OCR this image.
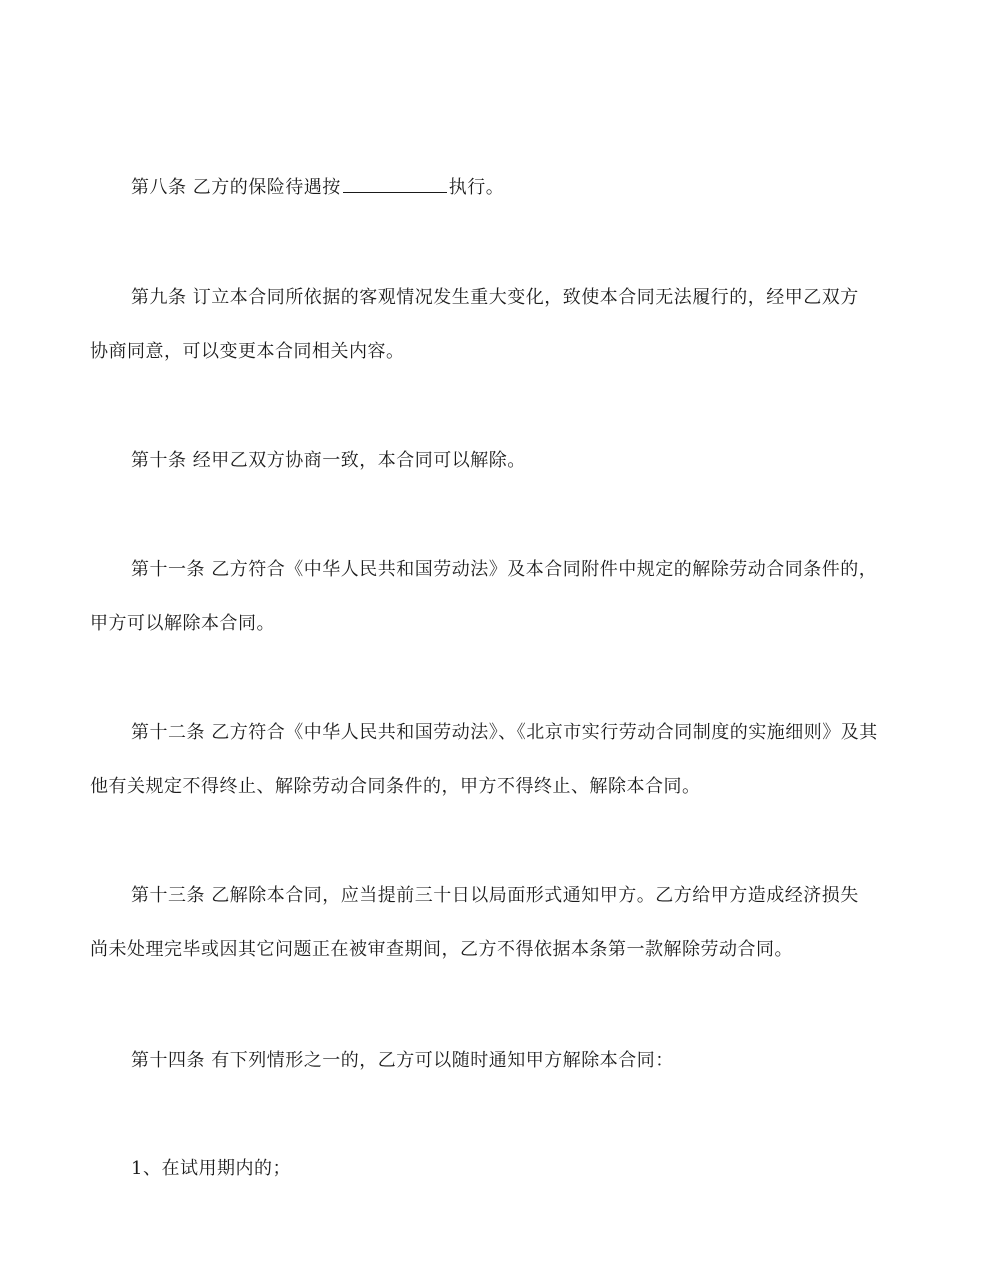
第八条 乙方的保险待遇按	执行。
第九条 订立本合同所依据的客观情况发生重大变化，致使本合同无法履行的，经甲乙双方
协商同意，可以变更本合同相关内容。
第十条 经甲乙双方协商一致，本合同可以解除。
第十一条 乙方符合《中华人民共和国劳动法》及本合同附件中规定的解除劳动合同条件的，
甲方可以解除本合同。
第十二条 乙方符合《中华人民共和国劳动法》、《北京市实行劳动合同制度的实施细则》及其
他有关规定不得终止、解除劳动合同条件的，甲方不得终止、解除本合同。
第十三条 乙解除本合同，应当提前三十日以局面形式通知甲方。乙方给甲方造成经济损失
尚未处理完毕或因其它问题正在被审查期间，乙方不得依据本条第一款解除劳动合同。
第十四条 有下列情形之一的，乙方可以随时通知甲方解除本合同：
1、在试用期内的；
